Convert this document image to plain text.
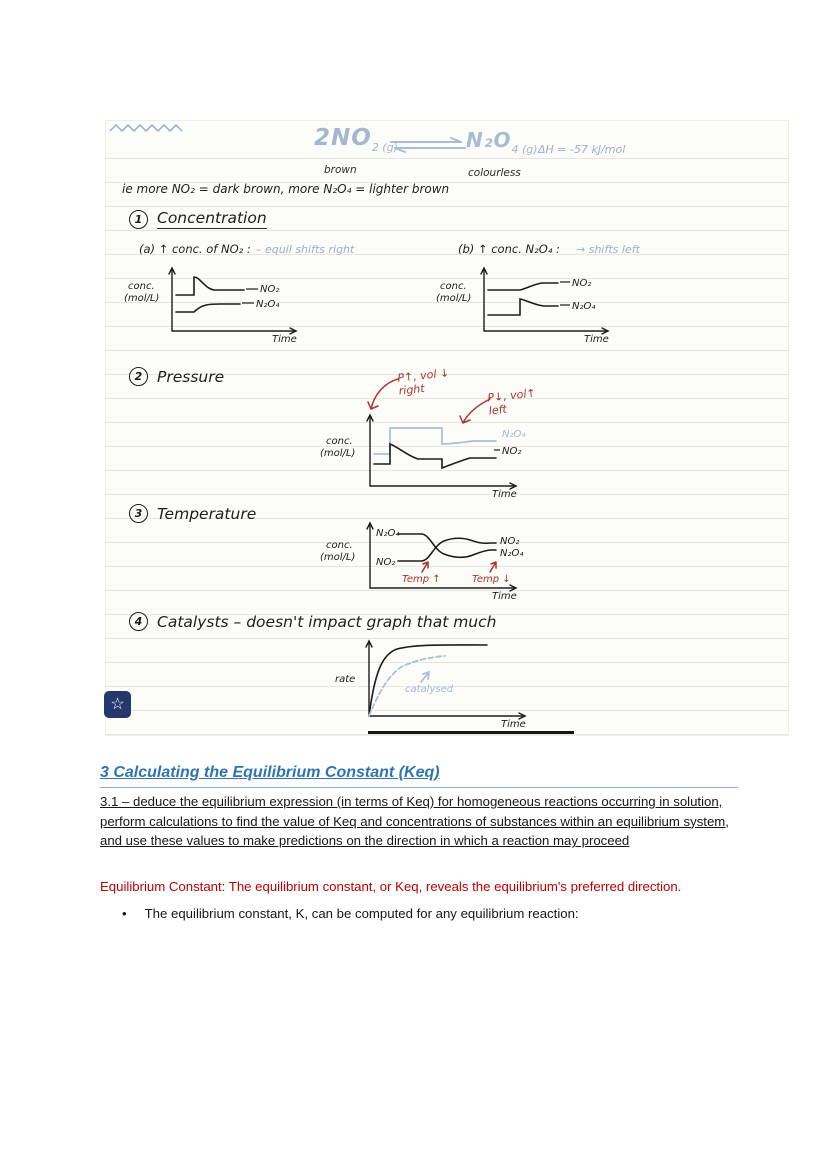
$2NO_{2 (g)}$	$N_2O_{4 (g)}$ ΔH = -57 kJ/mol
brown	colourless
ie more NO₂ = dark brown, more N₂O₄ = lighter brown
1 Concentration
(a) ↑ conc. of NO₂ : – equil shifts right	(b) ↑ conc. N₂O₄ : → shifts left
conc.
(mol/L)
Time
NO₂
N₂O₄
conc.
(mol/L)
Time
NO₂
N₂O₄
2 Pressure	P↑, vol ↓
right	P↓, vol↑
left
conc.
(mol/L)
Time
N₂O₄
NO₂
3 Temperature
conc.
(mol/L)
Time
N₂O₄
NO₂
NO₂
N₂O₄
Temp ↑	Temp ↓
4 Catalysts – doesn't impact graph that much
rate
Time
catalysed
☆
3 Calculating the Equilibrium Constant (Keq)
3.1 – deduce the equilibrium expression (in terms of Keq) for homogeneous reactions occurring in solution, perform calculations to find the value of Keq and concentrations of substances within an equilibrium system, and use these values to make predictions on the direction in which a reaction may proceed
Equilibrium Constant: The equilibrium constant, or Keq, reveals the equilibrium's preferred direction.
• The equilibrium constant, K, can be computed for any equilibrium reaction:
